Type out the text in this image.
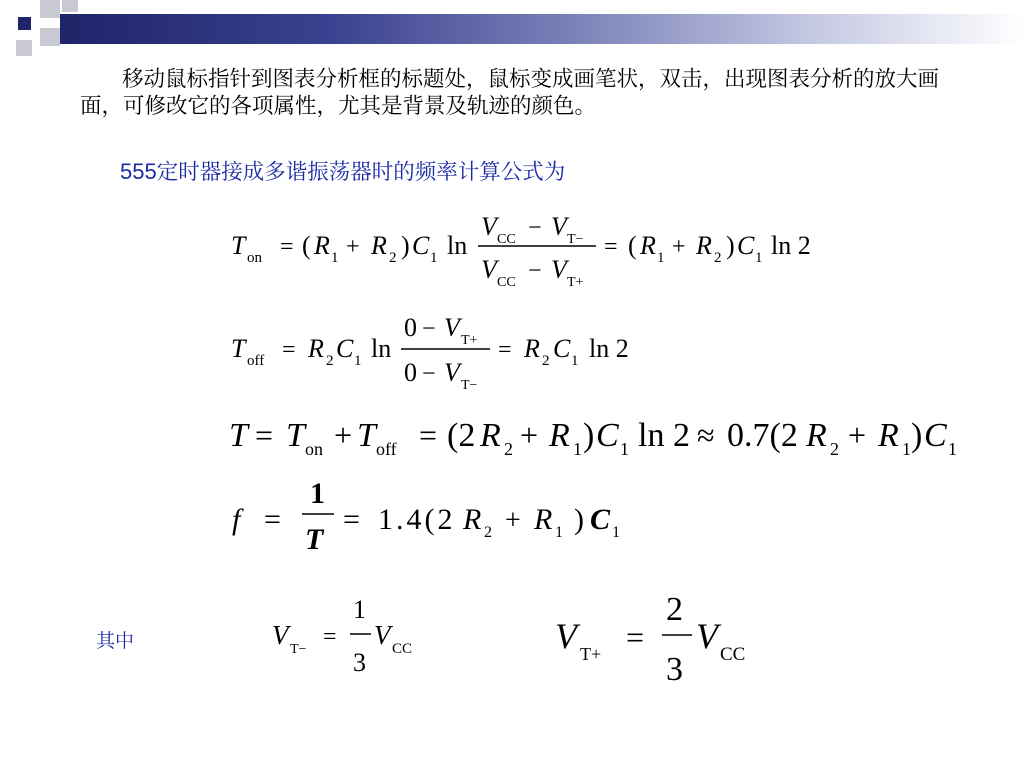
移动鼠标指针到图表分析框的标题处，鼠标变成画笔状，双击，出现图表分析的放大画面，可修改它的各项属性，尤其是背景及轨迹的颜色。
555定时器接成多谐振荡器时的频率计算公式为
其中
T on = ( R 1 + R 2 ) C 1 ln
V CC − V T−
V CC − V T+
= ( R 1 + R 2 ) C 1 ln 2
T off = R 2 C 1 ln
0 − V T+
0 − V T−
= R 2 C 1 ln 2
T = T on + T off = (2 R 2 + R 1 ) C 1 ln 2 ≈ 0.7(2 R 2 + R 1 ) C 1
f =
1
T
= 1.4(2 R 2 + R 1 ) C 1
V T− =
1
3
V CC	V T+ =
2
3
V CC
